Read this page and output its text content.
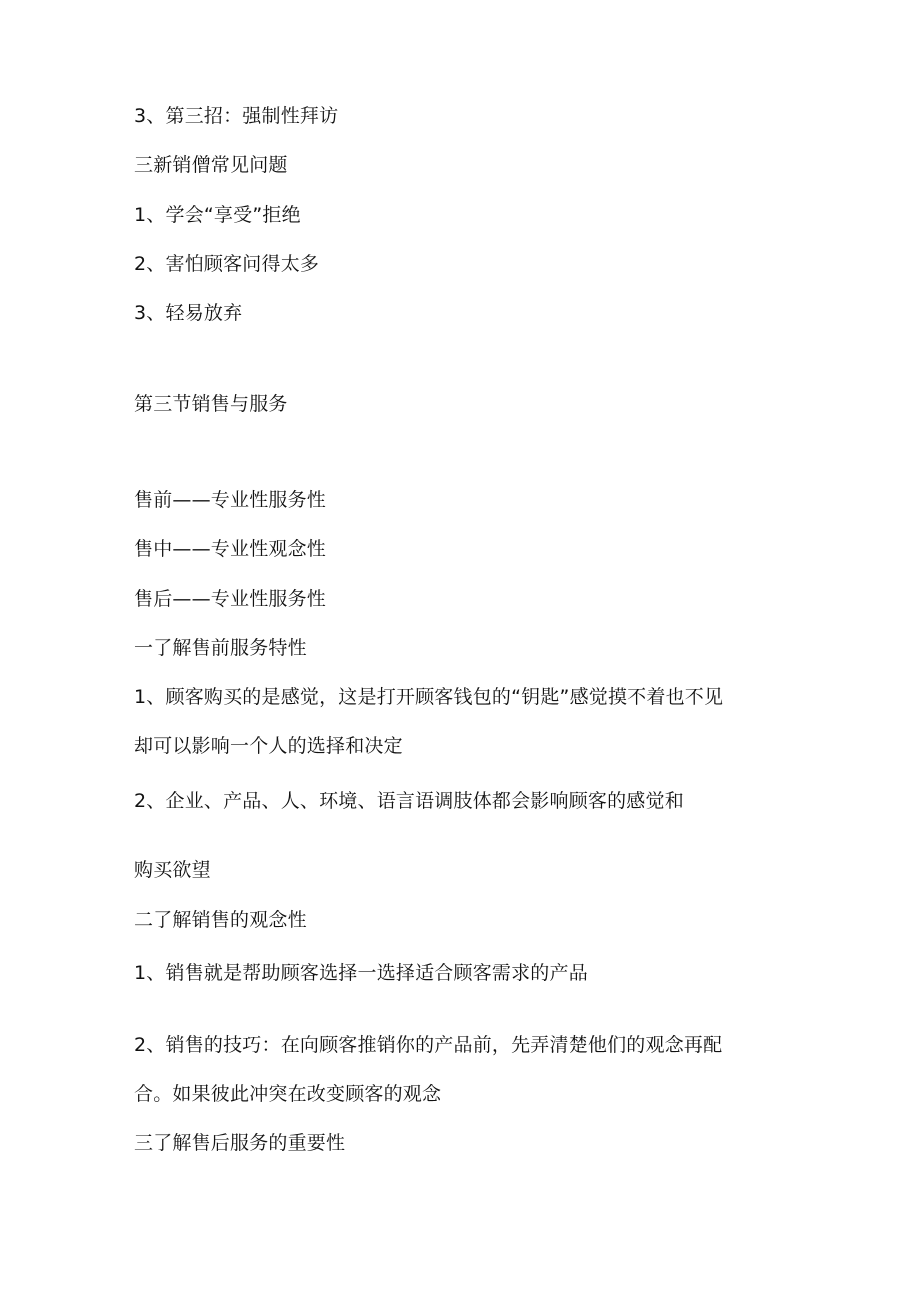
3、第三招：强制性拜访

三新销僧常见问题

1、学会“享受”拒绝

2、害怕顾客问得太多

3、轻易放弃

第三节销售与服务

售前——专业性服务性

售中——专业性观念性

售后——专业性服务性

一了解售前服务特性

1、顾客购买的是感觉，这是打开顾客钱包的“钥匙”感觉摸不着也不见

却可以影响一个人的选择和决定

2、企业、产品、人、环境、语言语调肢体都会影响顾客的感觉和

购买欲望

二了解销售的观念性

1、销售就是帮助顾客选择一选择适合顾客需求的产品

2、销售的技巧：在向顾客推销你的产品前，先弄清楚他们的观念再配

合。如果彼此冲突在改变顾客的观念

三了解售后服务的重要性
